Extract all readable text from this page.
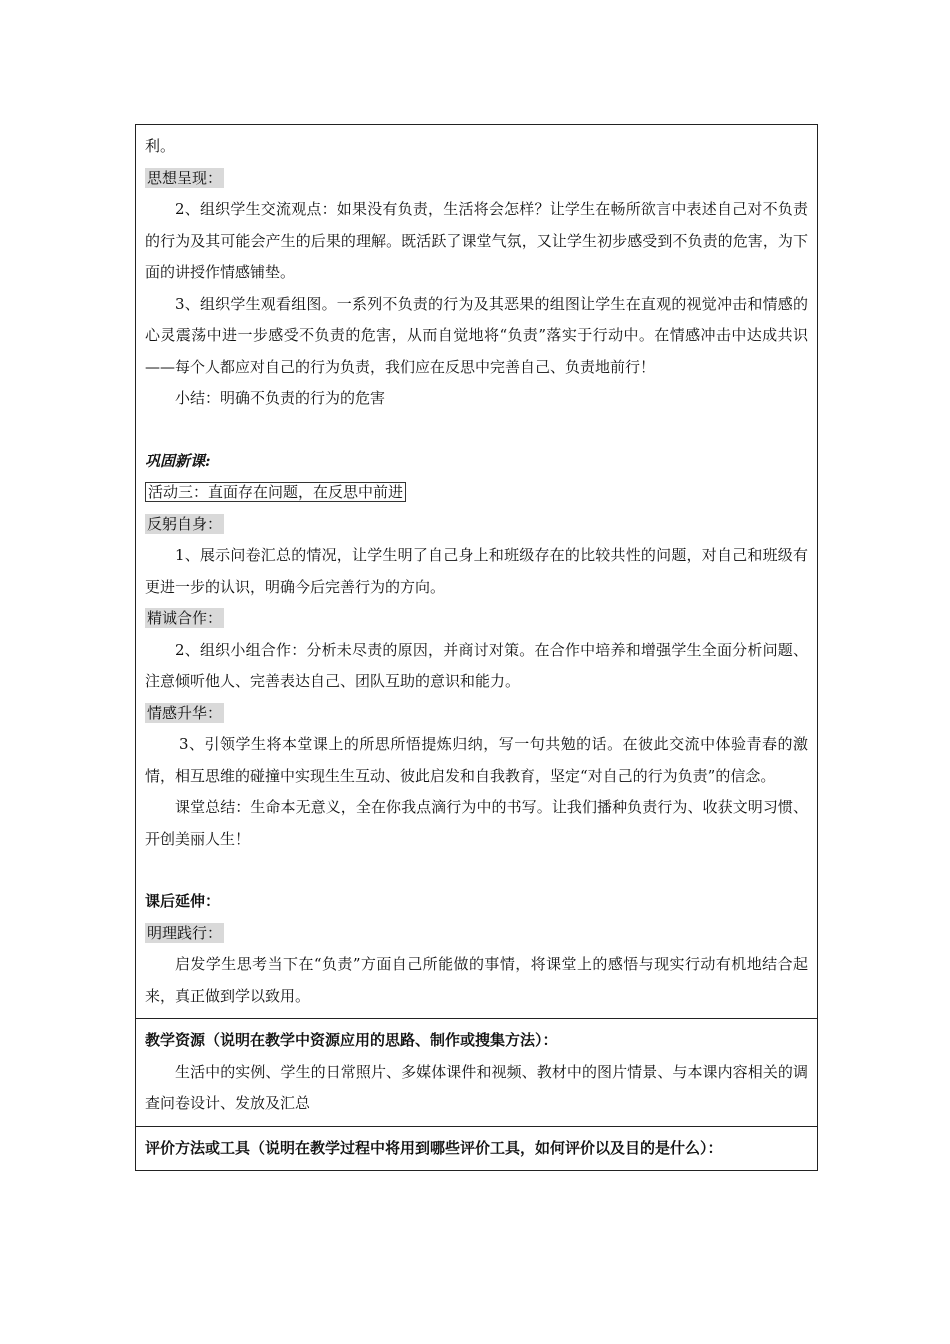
利。
思想呈现：

2、组织学生交流观点：如果没有负责，生活将会怎样？让学生在畅所欲言中表述自己对不负责的行为及其可能会产生的后果的理解。既活跃了课堂气氛，又让学生初步感受到不负责的危害，为下面的讲授作情感铺垫。

3、组织学生观看组图。一系列不负责的行为及其恶果的组图让学生在直观的视觉冲击和情感的心灵震荡中进一步感受不负责的危害，从而自觉地将“负责”落实于行动中。在情感冲击中达成共识——每个人都应对自己的行为负责，我们应在反思中完善自己、负责地前行！

小结：明确不负责的行为的危害

巩固新课:
活动三：直面存在问题，在反思中前进
反躬自身：

1、展示问卷汇总的情况，让学生明了自己身上和班级存在的比较共性的问题，对自己和班级有更进一步的认识，明确今后完善行为的方向。

精诚合作：

2、组织小组合作：分析未尽责的原因，并商讨对策。在合作中培养和增强学生全面分析问题、注意倾听他人、完善表达自己、团队互助的意识和能力。

情感升华：

3、引领学生将本堂课上的所思所悟提炼归纳，写一句共勉的话。在彼此交流中体验青春的激情，相互思维的碰撞中实现生生互动、彼此启发和自我教育，坚定“对自己的行为负责”的信念。

课堂总结：生命本无意义，全在你我点滴行为中的书写。让我们播种负责行为、收获文明习惯、开创美丽人生！

课后延伸：
明理践行：

启发学生思考当下在“负责”方面自己所能做的事情，将课堂上的感悟与现实行动有机地结合起来，真正做到学以致用。

教学资源（说明在教学中资源应用的思路、制作或搜集方法）：

生活中的实例、学生的日常照片、多媒体课件和视频、教材中的图片情景、与本课内容相关的调查问卷设计、发放及汇总

评价方法或工具（说明在教学过程中将用到哪些评价工具，如何评价以及目的是什么）：
